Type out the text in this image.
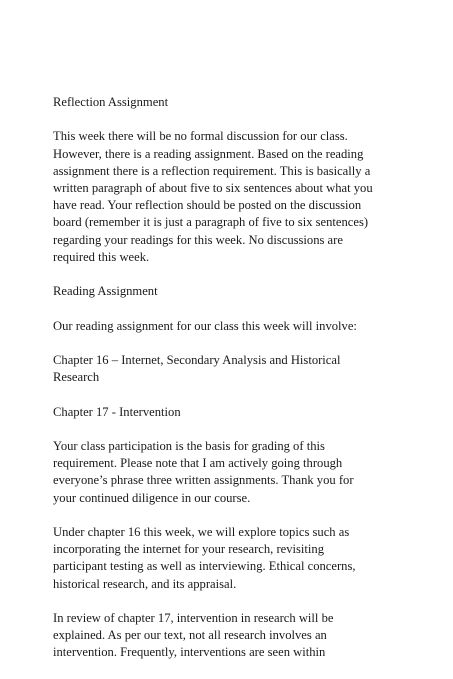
Reflection Assignment

This week there will be no formal discussion for our class.
However, there is a reading assignment. Based on the reading
assignment there is a reflection requirement. This is basically a
written paragraph of about five to six sentences about what you
have read. Your reflection should be posted on the discussion
board (remember it is just a paragraph of five to six sentences)
regarding your readings for this week. No discussions are
required this week.

Reading Assignment

Our reading assignment for our class this week will involve:

Chapter 16 – Internet, Secondary Analysis and Historical
Research

Chapter 17 - Intervention

Your class participation is the basis for grading of this
requirement. Please note that I am actively going through
everyone’s phrase three written assignments. Thank you for
your continued diligence in our course.

Under chapter 16 this week, we will explore topics such as
incorporating the internet for your research, revisiting
participant testing as well as interviewing. Ethical concerns,
historical research, and its appraisal.

In review of chapter 17, intervention in research will be
explained. As per our text, not all research involves an
intervention. Frequently, interventions are seen within
